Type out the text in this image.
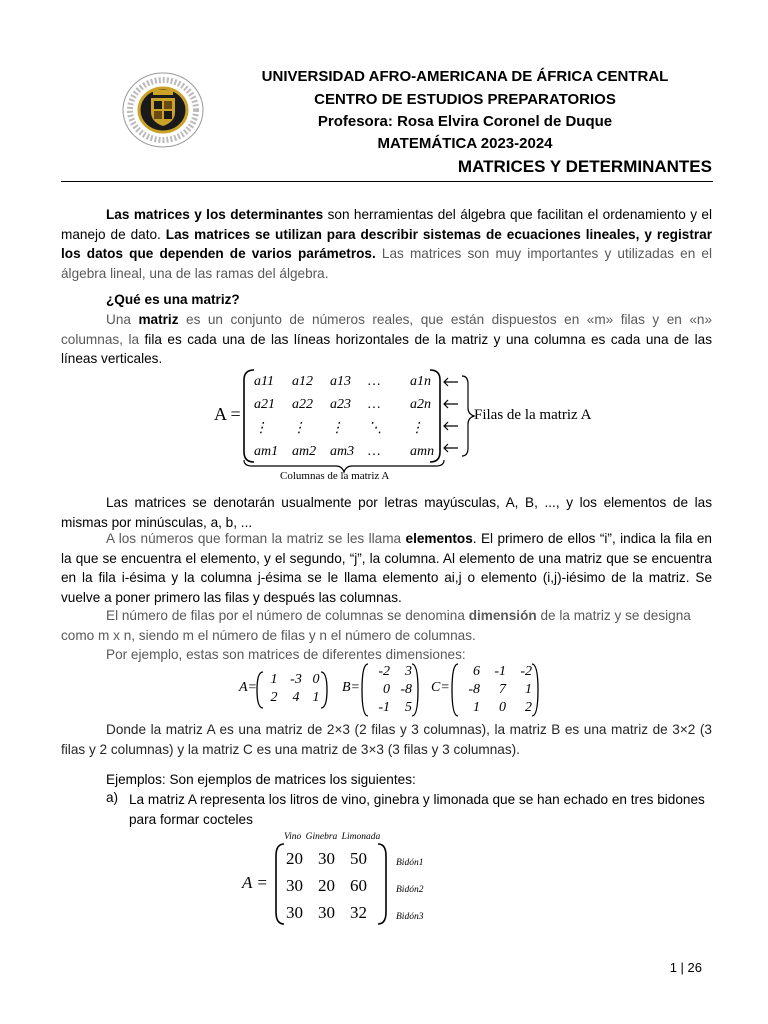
UNIVERSIDAD AFRO-AMERICANA DE ÁFRICA CENTRAL
CENTRO DE ESTUDIOS PREPARATORIOS
Profesora: Rosa Elvira Coronel de Duque
MATEMÁTICA 2023-2024
MATRICES Y DETERMINANTES
Las matrices y los determinantes son herramientas del álgebra que facilitan el ordenamiento y el manejo de dato. Las matrices se utilizan para describir sistemas de ecuaciones lineales, y registrar los datos que dependen de varios parámetros. Las matrices son muy importantes y utilizadas en el álgebra lineal, una de las ramas del álgebra.
¿Qué es una matriz?
Una matriz es un conjunto de números reales, que están dispuestos en «m» filas y en «n» columnas, la fila es cada una de las líneas horizontales de la matriz y una columna es cada una de las líneas verticales.
A =
a11	a12	a13	…	a1n
a21	a22	a23	…	a2n
⋮	⋮	⋮	⋱	⋮
am1 am2 am3 …	amn
Filas de la matriz A
Columnas de la matriz A
Las matrices se denotarán usualmente por letras mayúsculas, A, B, ..., y los elementos de las mismas por minúsculas, a, b, ...
A los números que forman la matriz se les llama elementos. El primero de ellos “i”, indica la fila en la que se encuentra el elemento, y el segundo, “j”, la columna. Al elemento de una matriz que se encuentra en la fila i-ésima y la columna j-ésima se le llama elemento ai,j o elemento (i,j)-iésimo de la matriz. Se vuelve a poner primero las filas y después las columnas.
El número de filas por el número de columnas se denomina dimensión de la matriz y se designa
como m x n, siendo m el número de filas y n el número de columnas.
Por ejemplo, estas son matrices de diferentes dimensiones:
A=
1 -3 0
2	4 1
B=
-2	3
0 -8
-1	5
C=
6	-1	-2
-8	7	1
1	0	2
Donde la matriz A es una matriz de 2×3 (2 filas y 3 columnas), la matriz B es una matriz de 3×2 (3 filas y 2 columnas) y la matriz C es una matriz de 3×3 (3 filas y 3 columnas).
Ejemplos: Son ejemplos de matrices los siguientes:
a) La matriz A representa los litros de vino, ginebra y limonada que se han echado en tres bidones para formar cocteles
Vino Ginebra Limonada
A =
20 30 50
30 20 60
30 30 32
Bidón1
Bidón2
Bidón3
1 | 26
